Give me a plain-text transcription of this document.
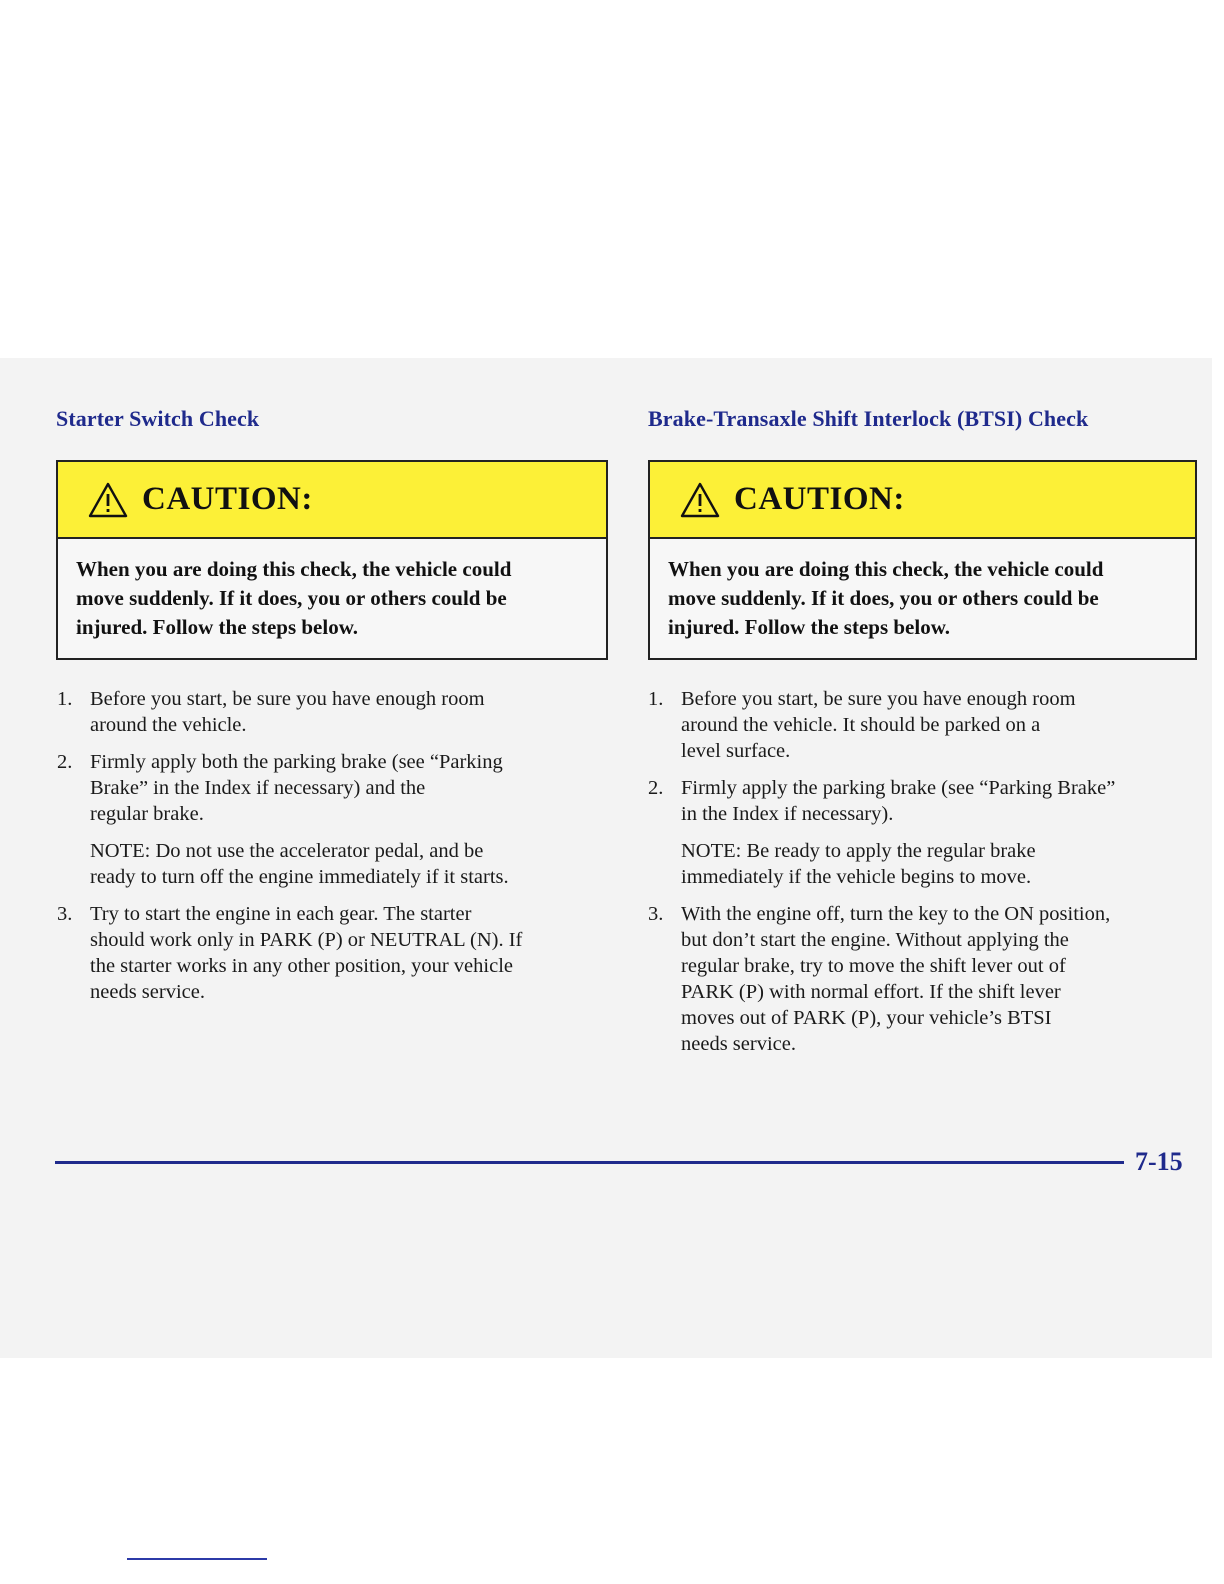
Starter Switch Check
CAUTION:
When you are doing this check, the vehicle could
move suddenly. If it does, you or others could be
injured. Follow the steps below.
1. Before you start, be sure you have enough room
around the vehicle.
2. Firmly apply both the parking brake (see “Parking
Brake” in the Index if necessary) and the
regular brake.
NOTE: Do not use the accelerator pedal, and be
ready to turn off the engine immediately if it starts.
3. Try to start the engine in each gear. The starter
should work only in PARK (P) or NEUTRAL (N). If
the starter works in any other position, your vehicle
needs service.
Brake-Transaxle Shift Interlock (BTSI) Check
CAUTION:
When you are doing this check, the vehicle could
move suddenly. If it does, you or others could be
injured. Follow the steps below.
1. Before you start, be sure you have enough room
around the vehicle. It should be parked on a
level surface.
2. Firmly apply the parking brake (see “Parking Brake”
in the Index if necessary).
NOTE: Be ready to apply the regular brake
immediately if the vehicle begins to move.
3. With the engine off, turn the key to the ON position,
but don’t start the engine. Without applying the
regular brake, try to move the shift lever out of
PARK (P) with normal effort. If the shift lever
moves out of PARK (P), your vehicle’s BTSI
needs service.
7-15
